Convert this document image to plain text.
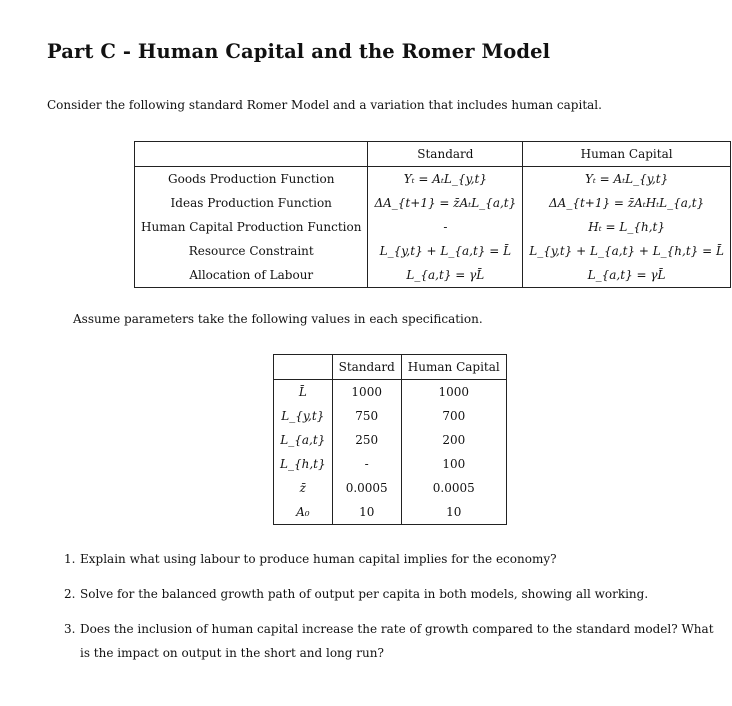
Part C - Human Capital and the Romer Model
Consider the following standard Romer Model and a variation that includes human capital.
	Standard	Human Capital
Goods Production Function	Yₜ = AₜL_{y,t}	Yₜ = AₜL_{y,t}
Ideas Production Function	ΔA_{t+1} = z̄AₜL_{a,t}	ΔA_{t+1} = z̄AₜHₜL_{a,t}
Human Capital Production Function	-	Hₜ = L_{h,t}
Resource Constraint	L_{y,t} + L_{a,t} = L̄	L_{y,t} + L_{a,t} + L_{h,t} = L̄
Allocation of Labour	L_{a,t} = γL̄	L_{a,t} = γL̄
Assume parameters take the following values in each specification.
	Standard	Human Capital
L̄	1000	1000
L_{y,t}	750	700
L_{a,t}	250	200
L_{h,t}	-	100
z̄	0.0005	0.0005
A₀	10	10
1. Explain what using labour to produce human capital implies for the economy?
2. Solve for the balanced growth path of output per capita in both models, showing all working.
3. Does the inclusion of human capital increase the rate of growth compared to the standard model? What is the impact on output in the short and long run?
